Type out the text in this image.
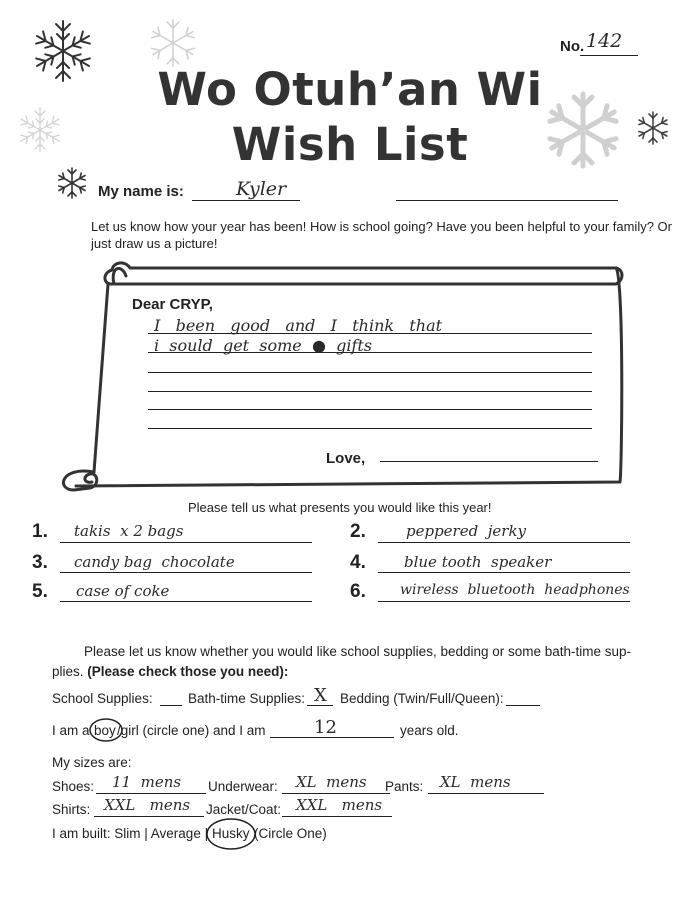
No. 142
Wo Otuh’an Wi
Wish List
My name is:	Kyler
Let us know how your year has been! How is school going? Have you been helpful to your family? Or
just draw us a picture!
Dear CRYP,
I   been   good   and   I   think   that
i  sould  get  some  ●  gifts
Love,
Please tell us what presents you would like this year!
1. takis  x 2 bags	2.	peppered  jerky
3. candy bag  chocolate	4.	blue tooth  speaker
5. case of coke	6. wireless  bluetooth  headphones
Please let us know whether you would like school supplies, bedding or some bath-time sup-
plies. (Please check those you need):
School Supplies:	Bath-time Supplies: X Bedding (Twin/Full/Queen):
I am a boy /girl (circle one) and I am	12	years old.
My sizes are:
Shoes: 11  mens Underwear: XL  mens Pants: XL  mens
Shirts: XXL   mens Jacket/Coat: XXL   mens
I am built: Slim | Average | Husky (Circle One)
